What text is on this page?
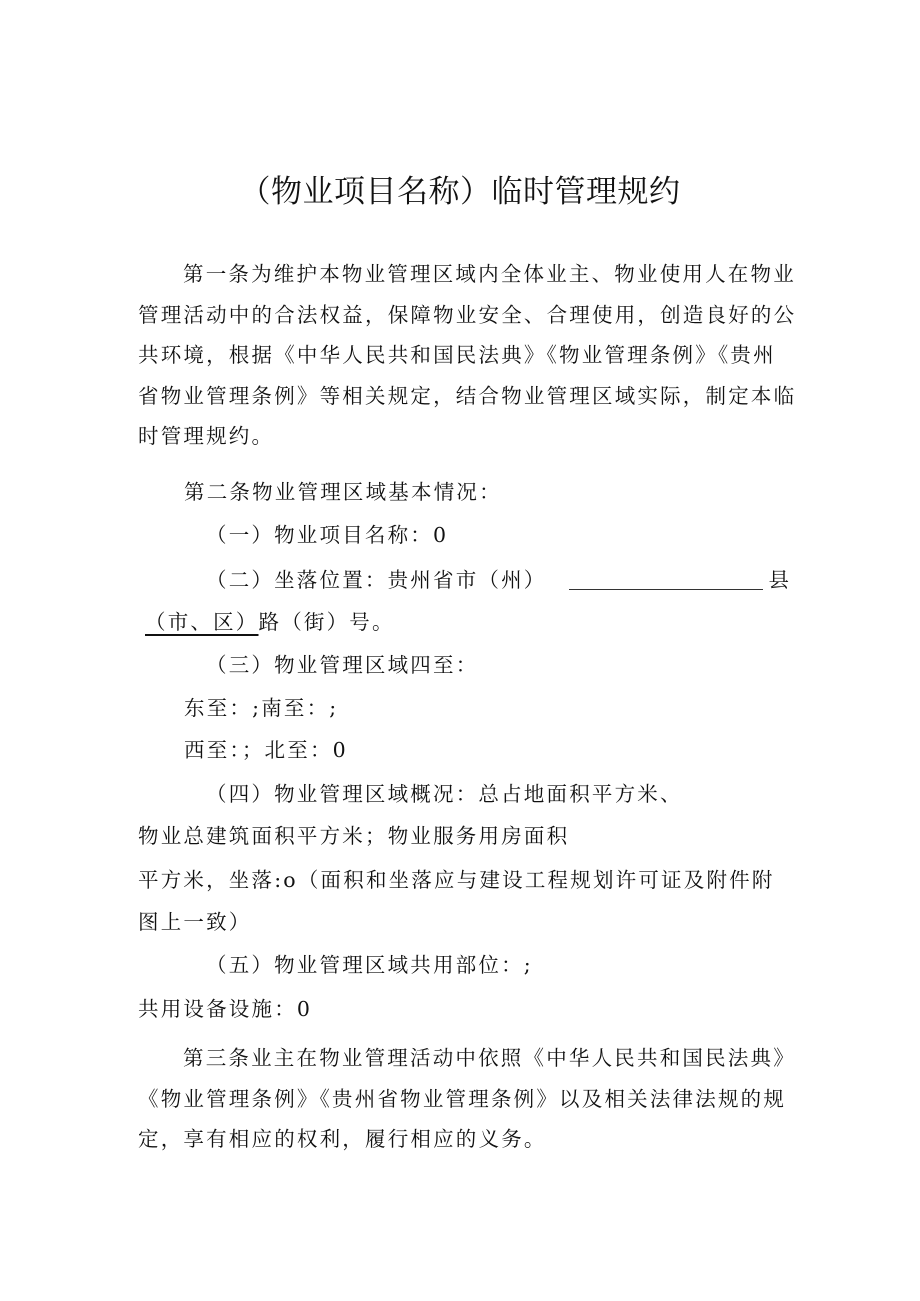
（物业项目名称）临时管理规约
第一条为维护本物业管理区域内全体业主、物业使用人在物业管理活动中的合法权益，保障物业安全、合理使用，创造良好的公共环境，根据《中华人民共和国民法典》《物业管理条例》《贵州省物业管理条例》等相关规定，结合物业管理区域实际，制定本临时管理规约。
第二条物业管理区域基本情况：
（一）物业项目名称：0
（二）坐落位置：贵州省市（州）	县
（市、区）路（街）号。
（三）物业管理区域四至：
东至：;南至：;
西至：；北至：0
（四）物业管理区域概况：总占地面积平方米、
物业总建筑面积平方米；物业服务用房面积
平方米，坐落:o（面积和坐落应与建设工程规划许可证及附件附
图上一致）
（五）物业管理区域共用部位：;
共用设备设施：0
第三条业主在物业管理活动中依照《中华人民共和国民法典》《物业管理条例》《贵州省物业管理条例》以及相关法律法规的规定，享有相应的权利，履行相应的义务。
